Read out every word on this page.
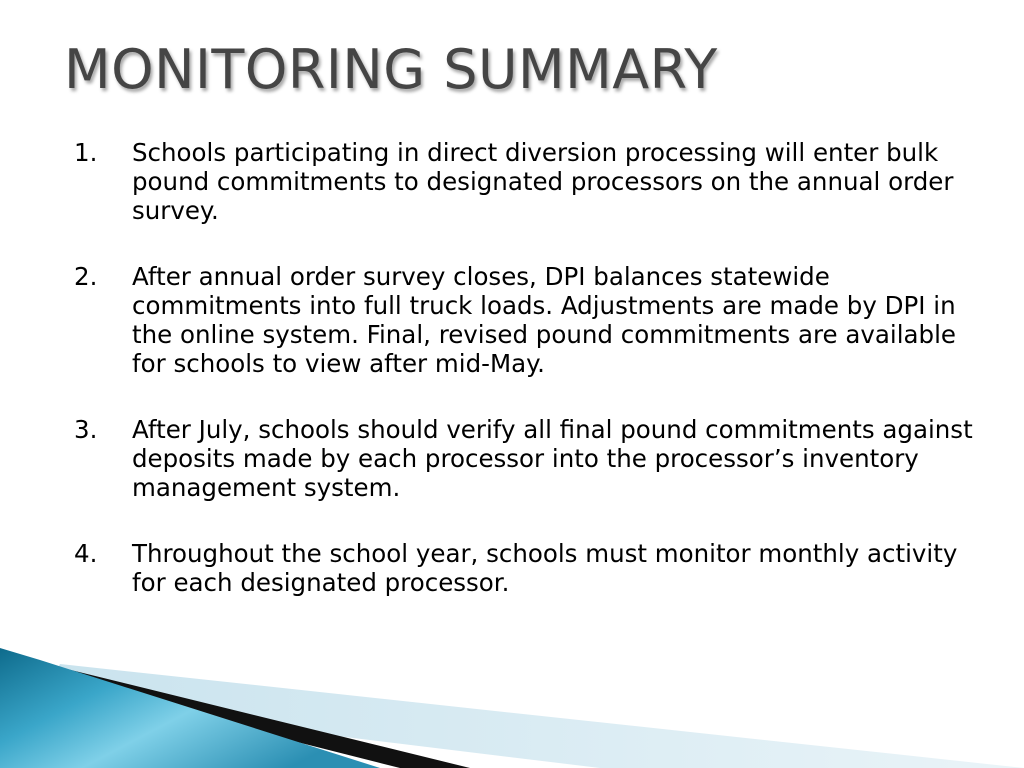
MONITORING SUMMARY
1.	Schools participating in direct diversion processing will enter bulk pound commitments to designated processors on the annual order survey.
2.	After annual order survey closes, DPI balances statewide commitments into full truck loads. Adjustments are made by DPI in the online system. Final, revised pound commitments are available for schools to view after mid-May.
3.	After July, schools should verify all final pound commitments against deposits made by each processor into the processor’s inventory management system.
4.	Throughout the school year, schools must monitor monthly activity for each designated processor.
